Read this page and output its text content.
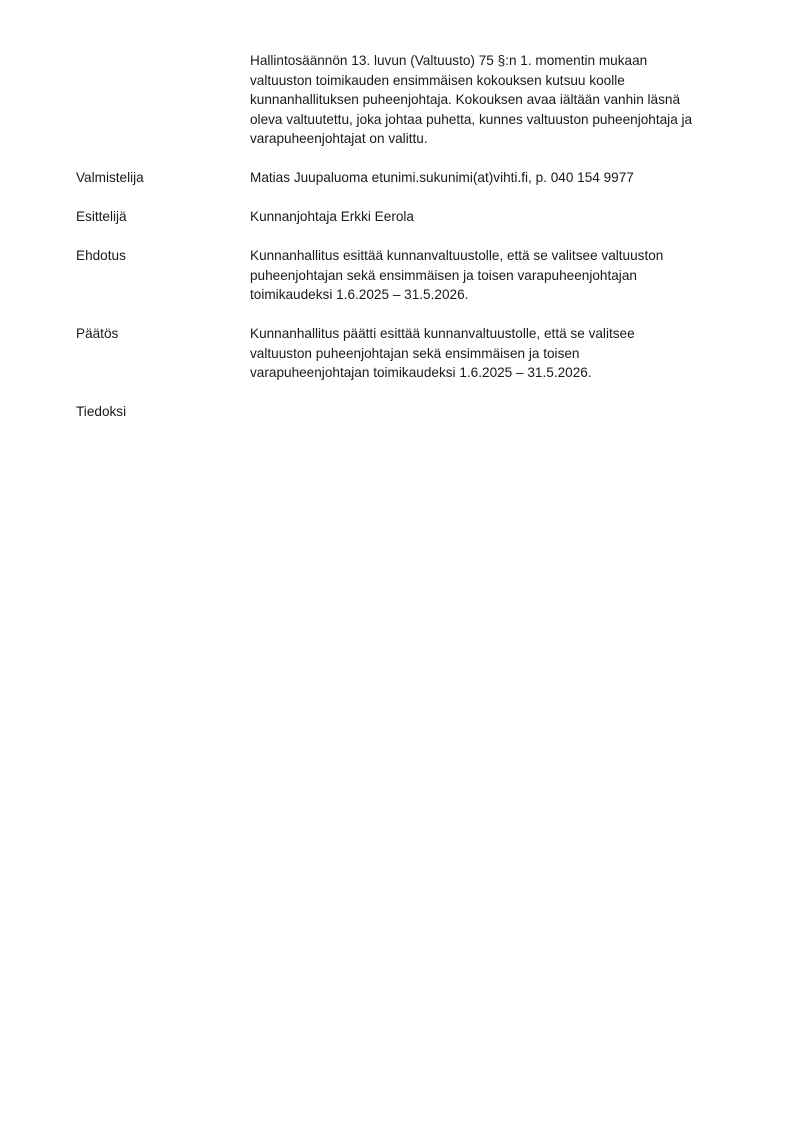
Hallintosäännön 13. luvun (Valtuusto) 75 §:n 1. momentin mukaan
valtuuston toimikauden ensimmäisen kokouksen kutsuu koolle
kunnanhallituksen puheenjohtaja. Kokouksen avaa iältään vanhin läsnä
oleva valtuutettu, joka johtaa puhetta, kunnes valtuuston puheenjohtaja ja
varapuheenjohtajat on valittu.
Valmistelija	Matias Juupaluoma etunimi.sukunimi(at)vihti.fi, p. 040 154 9977
Esittelijä	Kunnanjohtaja Erkki Eerola
Ehdotus	Kunnanhallitus esittää kunnanvaltuustolle, että se valitsee valtuuston
puheenjohtajan sekä ensimmäisen ja toisen varapuheenjohtajan
toimikaudeksi 1.6.2025 – 31.5.2026.
Päätös	Kunnanhallitus päätti esittää kunnanvaltuustolle, että se valitsee
valtuuston puheenjohtajan sekä ensimmäisen ja toisen
varapuheenjohtajan toimikaudeksi 1.6.2025 – 31.5.2026.
Tiedoksi
